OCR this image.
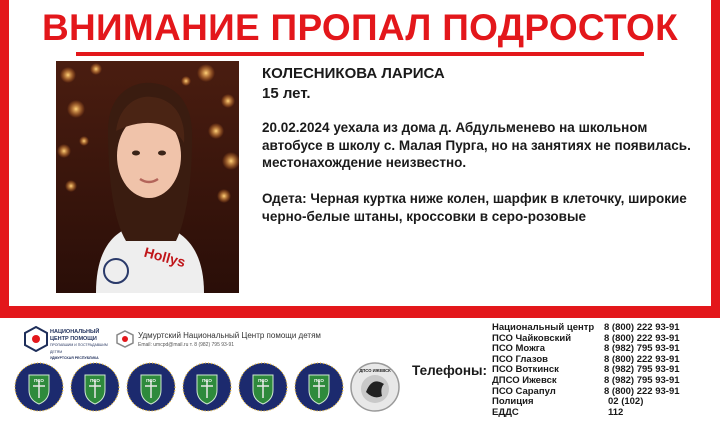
ВНИМАНИЕ ПРОПАЛ ПОДРОСТОК
Hollys
КОЛЕСНИКОВА ЛАРИСА
15 лет.
20.02.2024 уехала из дома д. Абдульменево на школьном автобусе в школу с. Малая Пурга, но на занятиях не появилась. местонахождение неизвестно.
Одета: Черная куртка ниже колен, шарфик в клеточку, широкие черно-белые штаны, кроссовки в серо-розовые
НАЦИОНАЛЬНЫЙ
ЦЕНТР ПОМОЩИ
ПРОПАВШИМ И ПОСТРАДАВШИМ ДЕТЯМ
УДМУРТСКАЯ РЕСПУБЛИКА
Удмуртский Национальный Центр помощи детям
Email: umcpd@mail.ru т. 8 (982) 795 93-91
ПСО	ПСО	ПСО	ПСО	ПСО	ПСО
ДПСО ИЖЕВСК Телефоны:
Национальный центр 8 (800) 222 93-91
ПСО Чайковский	8 (800) 222 93-91
ПСО Можга	8 (982) 795 93-91
ПСО Глазов	8 (800) 222 93-91
ПСО Воткинск	8 (982) 795 93-91
ДПСО Ижевск	8 (982) 795 93-91
ПСО Сарапул	8 (800) 222 93-91
Полиция	02 (102)
ЕДДС	112
